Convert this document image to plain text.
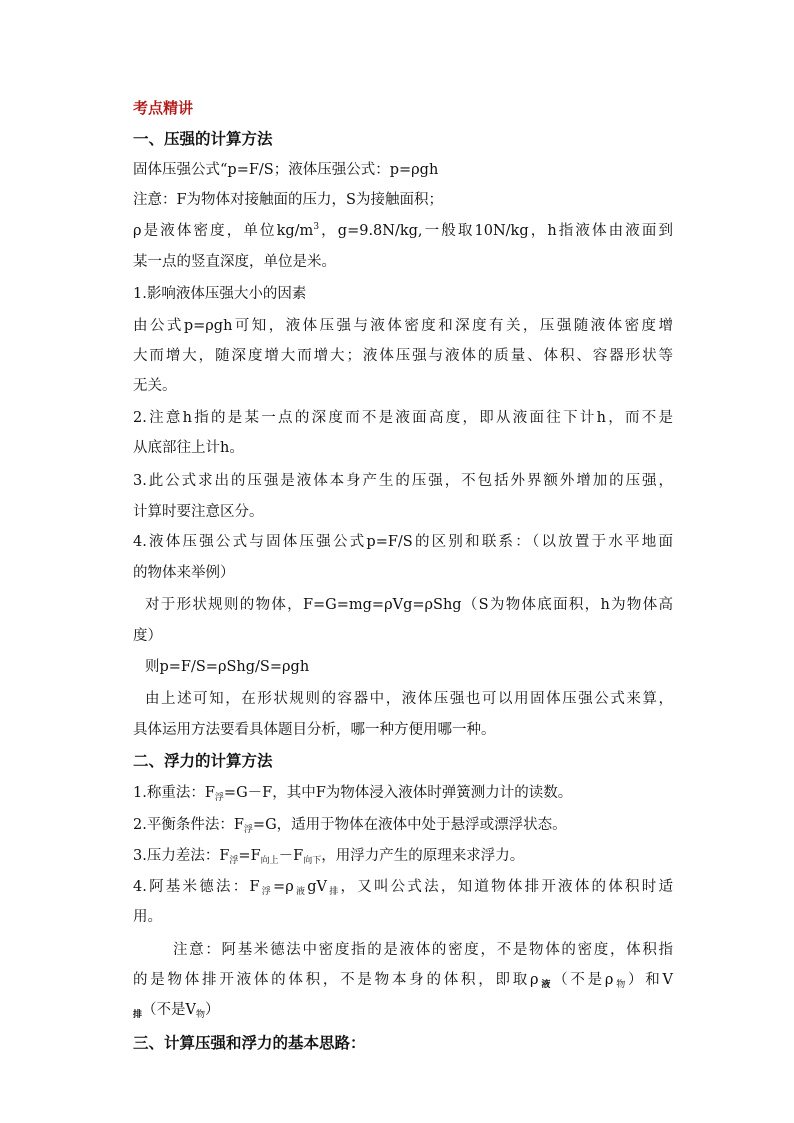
考点精讲
一、压强的计算方法
固体压强公式“p=F/S；液体压强公式：p=ρgh
注意：F为物体对接触面的压力，S为接触面积；
ρ是液体密度，单位$kg/m^3$，g=9.8N/kg,一般取10N/kg，h指液体由液面到
某一点的竖直深度，单位是米。
1.影响液体压强大小的因素
由公式p=ρgh可知，液体压强与液体密度和深度有关，压强随液体密度增
大而增大，随深度增大而增大；液体压强与液体的质量、体积、容器形状等
无关。
2.注意h指的是某一点的深度而不是液面高度，即从液面往下计h，而不是
从底部往上计h。
3.此公式求出的压强是液体本身产生的压强，不包括外界额外增加的压强，
计算时要注意区分。
4.液体压强公式与固体压强公式p=F/S的区别和联系：（以放置于水平地面
的物体来举例）
对于形状规则的物体，F=G=mg=ρVg=ρShg（S为物体底面积，h为物体高
度）
则p=F/S=ρShg/S=ρgh
由上述可知，在形状规则的容器中，液体压强也可以用固体压强公式来算，
具体运用方法要看具体题目分析，哪一种方便用哪一种。
二、浮力的计算方法
1.称重法：$F_浮=G-F$，其中F为物体浸入液体时弹簧测力计的读数。
2.平衡条件法：$F_浮=G$，适用于物体在液体中处于悬浮或漂浮状态。
3.压力差法：$F_浮=F_{向上}-F_{向下}$，用浮力产生的原理来求浮力。
4.阿基米德法：$F_浮=\rho_液gV_排$，又叫公式法，知道物体排开液体的体积时适
用。
注意：阿基米德法中密度指的是液体的密度，不是物体的密度，体积指
的是物体排开液体的体积，不是物本身的体积，即取$\rho_液$（不是$\rho_物$）和V
$_排$（不是$V_物$）
三、计算压强和浮力的基本思路：
